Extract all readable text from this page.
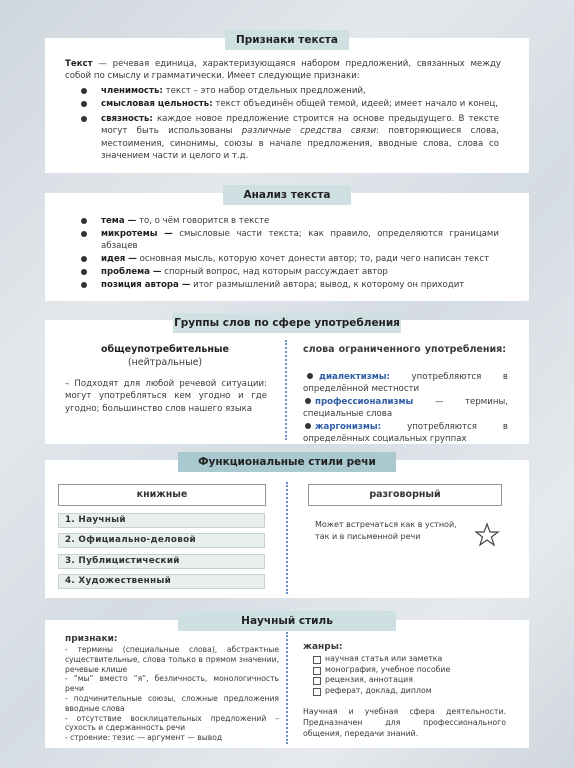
Признаки текста
Текст — речевая единица, характеризующаяся набором предложений, связанных между собой по смыслу и грамматически. Имеет следующие признаки:
членимость: текст – это набор отдельных предложений,
смысловая цельность: текст объединён общей темой, идеей; имеет начало и конец,
связность: каждое новое предложение строится на основе предыдущего. В тексте могут быть использованы различные средства связи: повторяющиеся слова, местоимения, синонимы, союзы в начале предложения, вводные слова, слова со значением части и целого и т.д.
Анализ текста
тема — то, о чём говорится в тексте
микротемы — смысловые части текста; как правило, определяются границами абзацев
идея — основная мысль, которую хочет донести автор; то, ради чего написан текст
проблема — спорный вопрос, над которым рассуждает автор
позиция автора — итог размышлений автора; вывод, к которому он приходит
Группы слов по сфере употребления
общеупотребительные
(нейтральные)
– Подходят для любой речевой ситуации: могут употребляться кем угодно и где угодно; большинство слов нашего языка
слова ограниченного употребления:
диалектизмы: употребляются в определённой местности
профессионализмы — термины, специальные слова
жаргонизмы: употребляются в определённых социальных группах
Функциональные стили речи
книжные	разговорный
1. Научный
2. Официально-деловой
3. Публицистический
4. Художественный
Может встречаться как в устной, так и в письменной речи
Научный стиль
признаки:
- термины (специальные слова), абстрактные существительные, слова только в прямом значении, речевые клише
- “мы” вместо “я”, безличность, монологичность речи
- подчинительные союзы, сложные предложения вводные слова
- отсутствие восклицательных предложений – сухость и сдержанность речи
- строение: тезис — аргумент — вывод
жанры:
научная статья или заметка
монография, учебное пособие
рецензия, аннотация
реферат, доклад, диплом
Научная и учебная сфера деятельности. Предназначен для профессионального общения, передачи знаний.
